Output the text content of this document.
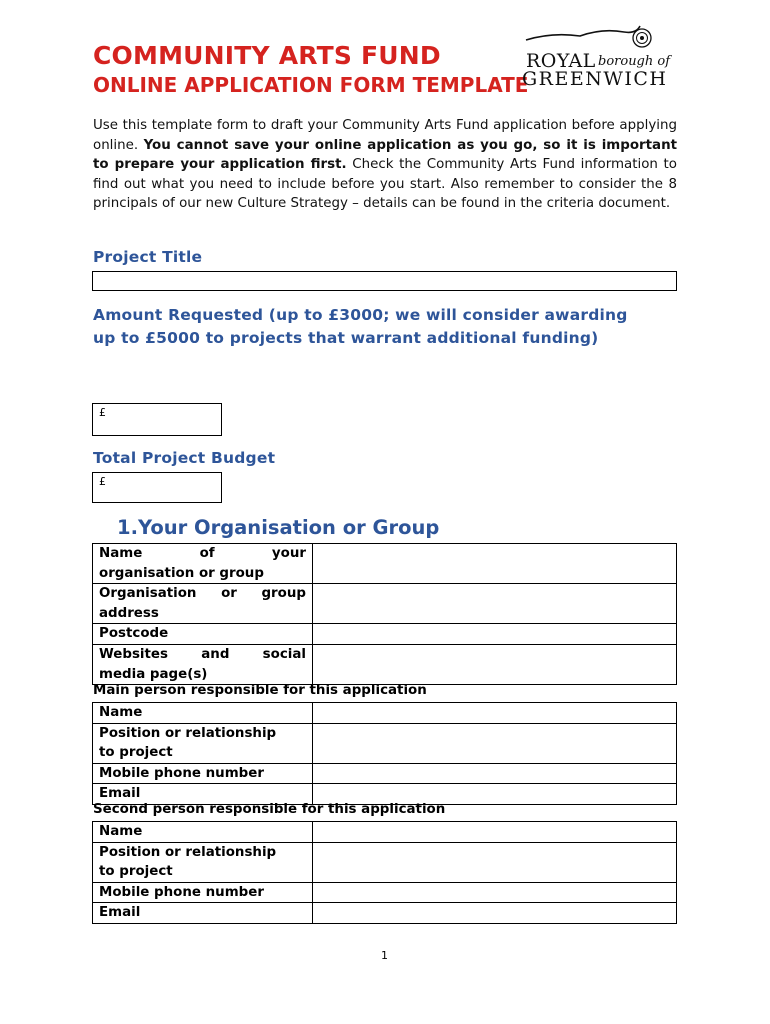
COMMUNITY ARTS FUND
ONLINE APPLICATION FORM TEMPLATE
ROYAL borough of
GREENWICH

Use this template form to draft your Community Arts Fund application before applying online. You cannot save your online application as you go, so it is important to prepare your application first. Check the Community Arts Fund information to find out what you need to include before you start. Also remember to consider the 8 principals of our new Culture Strategy – details can be found in the criteria document.

Project Title
Amount Requested (up to £3000; we will consider awarding up to £5000 to projects that warrant additional funding)
£
Total Project Budget
£
1.Your Organisation or Group
Name of your
organisation or group	

Organisation or group
address	

Postcode	

Websites and social
media page(s)	

Main person responsible for this application

Name	

Position or relationship
to project	

Mobile phone number	
Email	

Second person responsible for this application

Name	

Position or relationship
to project	

Mobile phone number	
Email	
1
